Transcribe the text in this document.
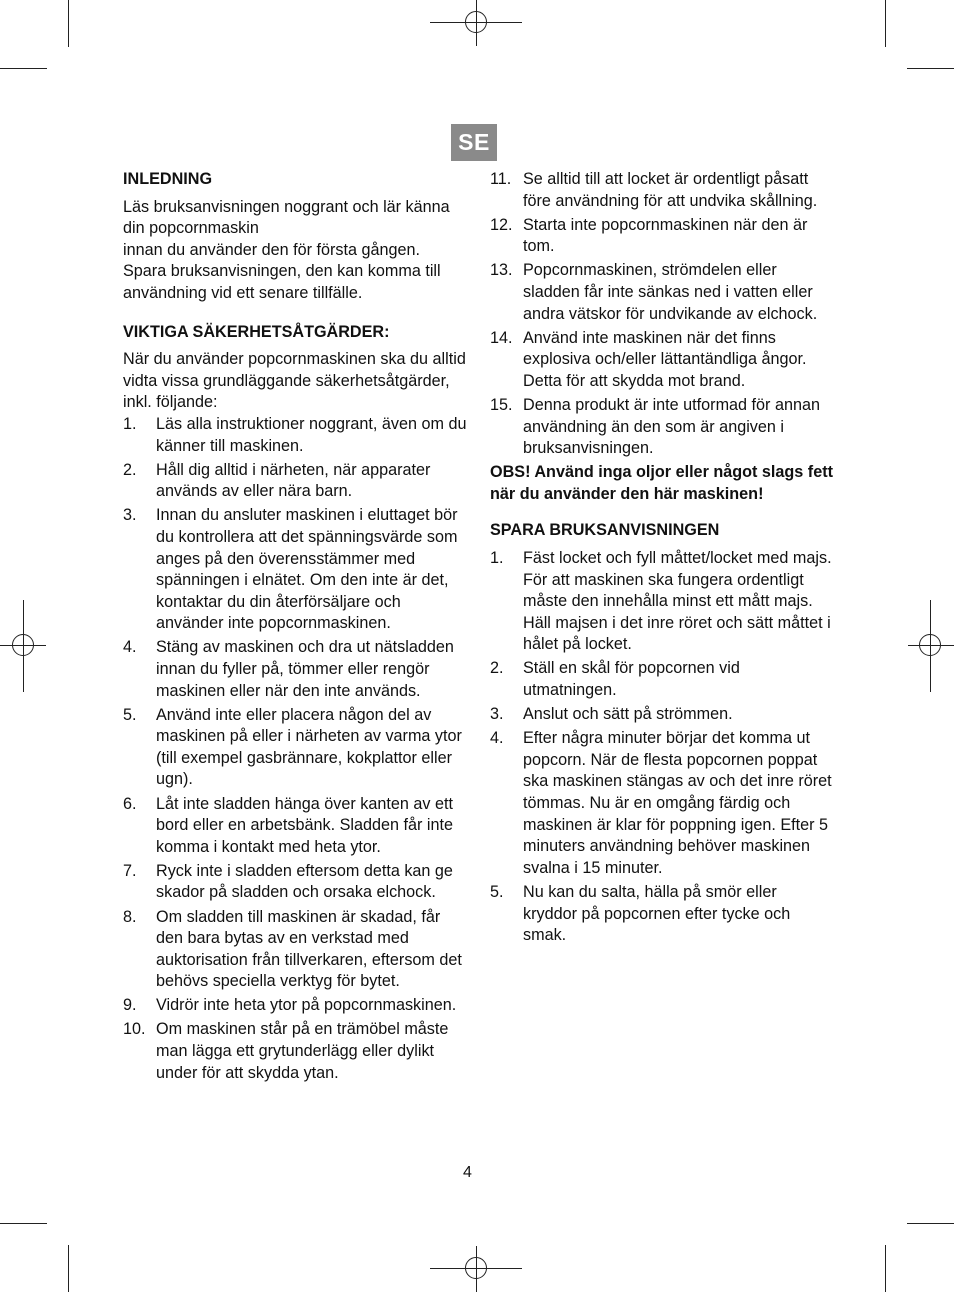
SE
INLEDNING

Läs bruksanvisningen noggrant och lär känna din popcornmaskin
innan du använder den för första gången.
Spara bruksanvisningen, den kan komma till användning vid ett senare tillfälle.

VIKTIGA SÄKERHETSÅTGÄRDER:

När du använder popcornmaskinen ska du alltid vidta vissa grundläggande säkerhetsåtgärder, inkl. följande:

1.	Läs alla instruktioner noggrant, även om du känner till maskinen.
2.	Håll dig alltid i närheten, när apparater används av eller nära barn.
3.	Innan du ansluter maskinen i eluttaget bör du kontrollera att det spänningsvärde som anges på den överensstämmer med spänningen i elnätet. Om den inte är det, kontaktar du din återförsäljare och använder inte popcornmaskinen.
4.	Stäng av maskinen och dra ut nätsladden innan du fyller på, tömmer eller rengör maskinen eller när den inte används.
5.	Använd inte eller placera någon del av maskinen på eller i närheten av varma ytor (till exempel gasbrännare, kokplattor eller ugn).
6.	Låt inte sladden hänga över kanten av ett bord eller en arbetsbänk. Sladden får inte komma i kontakt med heta ytor.
7.	Ryck inte i sladden eftersom detta kan ge skador på sladden och orsaka elchock.
8.	Om sladden till maskinen är skadad, får den bara bytas av en verkstad med auktorisation från tillverkaren, eftersom det behövs speciella verktyg för bytet.
9.	Vidrör inte heta ytor på popcornmaskinen.
10. Om maskinen står på en trämöbel måste man lägga ett grytunderlägg eller dylikt under för att skydda ytan.
11. Se alltid till att locket är ordentligt påsatt före användning för att undvika skållning.
12. Starta inte popcornmaskinen när den är tom.
13. Popcornmaskinen, strömdelen eller sladden får inte sänkas ned i vatten eller andra vätskor för undvikande av elchock.
14. Använd inte maskinen när det finns explosiva och/eller lättantändliga ångor. Detta för att skydda mot brand.
15. Denna produkt är inte utformad för annan användning än den som är angiven i bruksanvisningen.

OBS! Använd inga oljor eller något slags fett när du använder den här maskinen!

SPARA BRUKSANVISNINGEN
1.	Fäst locket och fyll måttet/locket med majs. För att maskinen ska fungera ordentligt måste den innehålla minst ett mått majs. Häll majsen i det inre röret och sätt måttet i hålet på locket.
2.	Ställ en skål för popcornen vid utmatningen.
3.	Anslut och sätt på strömmen.
4.	Efter några minuter börjar det komma ut popcorn. När de flesta popcornen poppat ska maskinen stängas av och det inre röret tömmas. Nu är en omgång färdig och maskinen är klar för poppning igen. Efter 5 minuters användning behöver maskinen svalna i 15 minuter.
5.	Nu kan du salta, hälla på smör eller kryddor på popcornen efter tycke och smak.
4
